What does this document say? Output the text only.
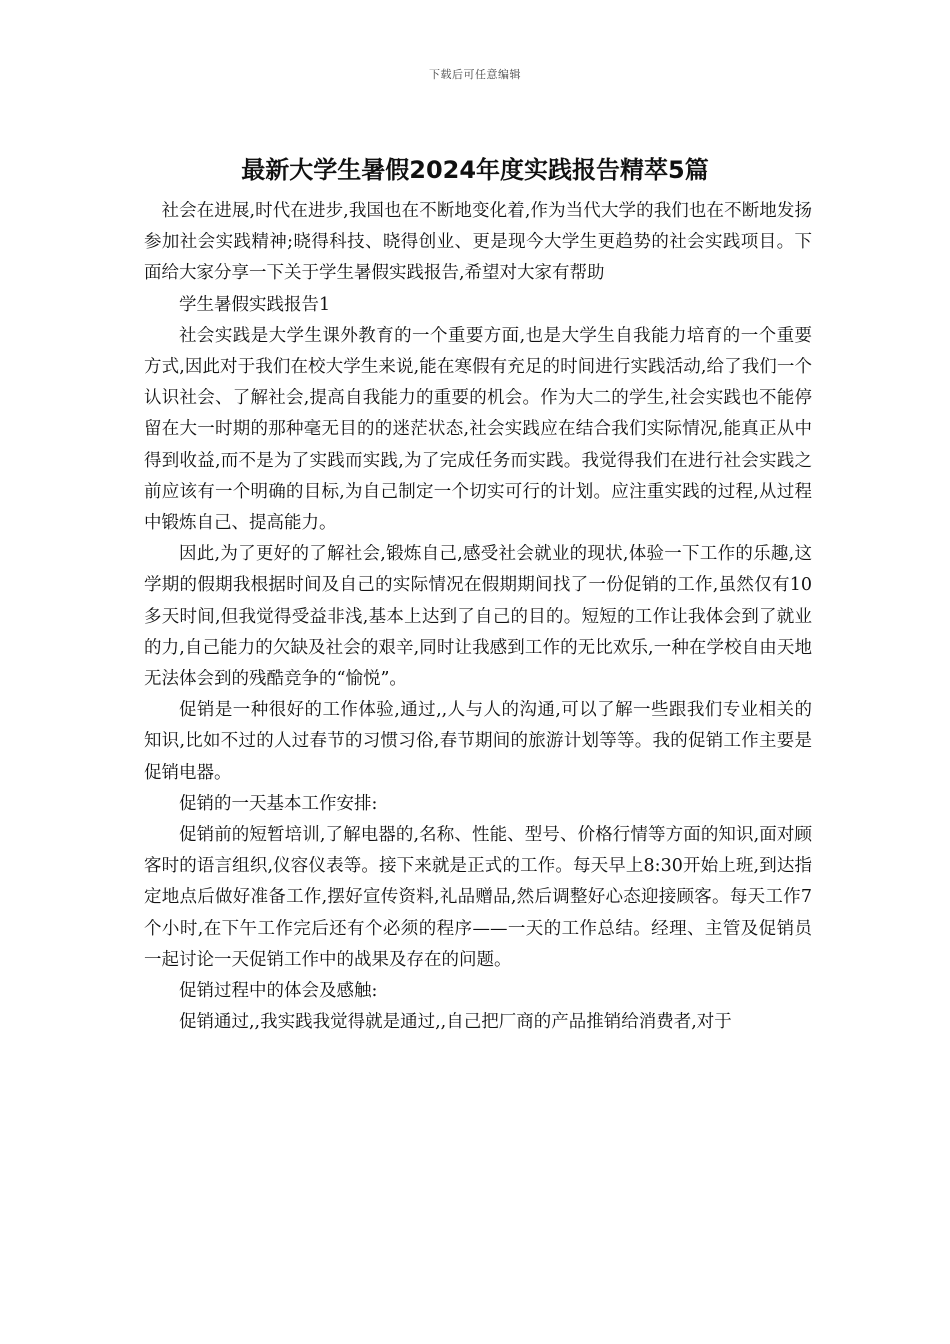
下载后可任意编辑
最新大学生暑假2024年度实践报告精萃5篇

社会在进展,时代在进步,我国也在不断地变化着,作为当代大学的我们也在不断地发扬参加社会实践精神;晓得科技、晓得创业、更是现今大学生更趋势的社会实践项目。下面给大家分享一下关于学生暑假实践报告,希望对大家有帮助

学生暑假实践报告1

社会实践是大学生课外教育的一个重要方面,也是大学生自我能力培育的一个重要方式,因此对于我们在校大学生来说,能在寒假有充足的时间进行实践活动,给了我们一个认识社会、了解社会,提高自我能力的重要的机会。作为大二的学生,社会实践也不能停留在大一时期的那种毫无目的的迷茫状态,社会实践应在结合我们实际情况,能真正从中得到收益,而不是为了实践而实践,为了完成任务而实践。我觉得我们在进行社会实践之前应该有一个明确的目标,为自己制定一个切实可行的计划。应注重实践的过程,从过程中锻炼自己、提高能力。

因此,为了更好的了解社会,锻炼自己,感受社会就业的现状,体验一下工作的乐趣,这学期的假期我根据时间及自己的实际情况在假期期间找了一份促销的工作,虽然仅有10多天时间,但我觉得受益非浅,基本上达到了自己的目的。短短的工作让我体会到了就业的力,自己能力的欠缺及社会的艰辛,同时让我感到工作的无比欢乐,一种在学校自由天地无法体会到的残酷竞争的“愉悦”。

促销是一种很好的工作体验,通过,,人与人的沟通,可以了解一些跟我们专业相关的知识,比如不过的人过春节的习惯习俗,春节期间的旅游计划等等。我的促销工作主要是促销电器。

促销的一天基本工作安排:

促销前的短暂培训,了解电器的,名称、性能、型号、价格行情等方面的知识,面对顾客时的语言组织,仪容仪表等。接下来就是正式的工作。每天早上8:30开始上班,到达指定地点后做好准备工作,摆好宣传资料,礼品赠品,然后调整好心态迎接顾客。每天工作7个小时,在下午工作完后还有个必须的程序——一天的工作总结。经理、主管及促销员一起讨论一天促销工作中的战果及存在的问题。

促销过程中的体会及感触:

促销通过,,我实践我觉得就是通过,,自己把厂商的产品推销给消费者,对于
